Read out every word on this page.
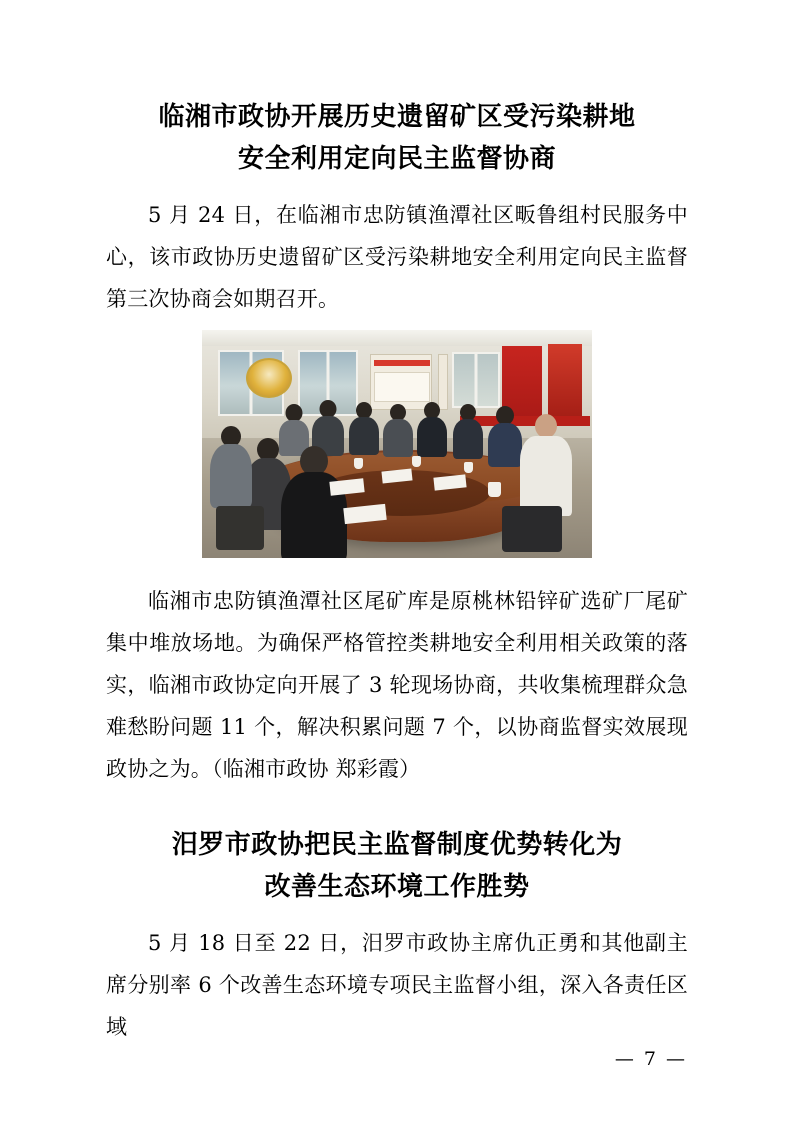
临湘市政协开展历史遗留矿区受污染耕地
安全利用定向民主监督协商

5 月 24 日，在临湘市忠防镇渔潭社区畈鲁组村民服务中心，该市政协历史遗留矿区受污染耕地安全利用定向民主监督第三次协商会如期召开。

临湘市忠防镇渔潭社区尾矿库是原桃林铅锌矿选矿厂尾矿集中堆放场地。为确保严格管控类耕地安全利用相关政策的落实，临湘市政协定向开展了 3 轮现场协商，共收集梳理群众急难愁盼问题 11 个，解决积累问题 7 个，以协商监督实效展现政协之为。（临湘市政协 郑彩霞）

汨罗市政协把民主监督制度优势转化为
改善生态环境工作胜势

5 月 18 日至 22 日，汨罗市政协主席仇正勇和其他副主席分别率 6 个改善生态环境专项民主监督小组，深入各责任区域

— 7 —
